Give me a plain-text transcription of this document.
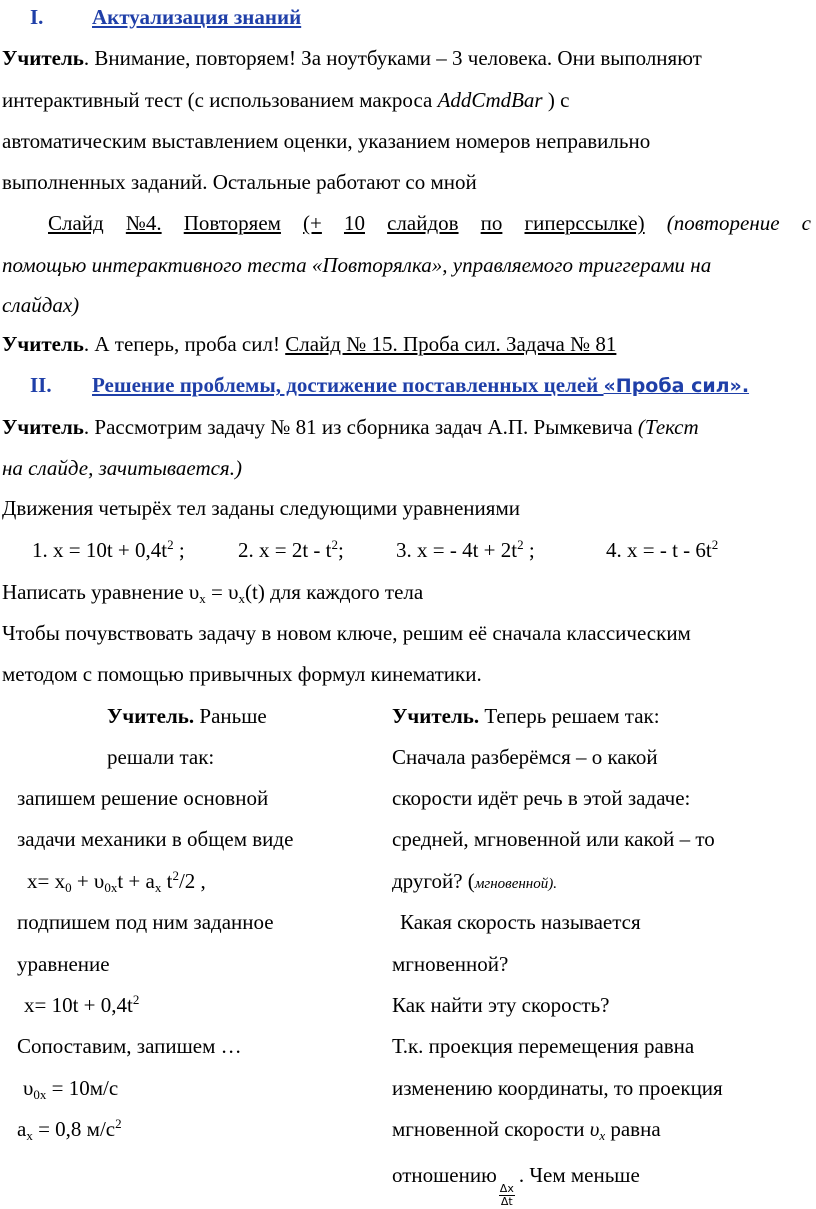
I. Актуализация знаний
Учитель. Внимание, повторяем! За ноутбуками – 3 человека. Они выполняют
интерактивный тест (с использованием макроса AddCmdBar ) с
автоматическим выставлением оценки, указанием номеров неправильно
выполненных заданий. Остальные работают со мной
Слайд №4. Повторяем (+ 10 слайдов по гиперссылке) (повторение с
помощью интерактивного теста «Повторялка», управляемого триггерами на
слайдах)
Учитель. А теперь, проба сил! Слайд № 15. Проба сил. Задача № 81
II. Решение проблемы, достижение поставленных целей «Проба сил».
Учитель. Рассмотрим задачу № 81 из сборника задач А.П. Рымкевича (Текст
на слайде, зачитывается.)
Движения четырёх тел заданы следующими уравнениями
1. $x = 10t + 0,4t^2$ ;	2. $x = 2t - t^2$; 3. x = - $4t + 2t^2$ ;	4. x = - t - $6t^2$
Написать уравнение $\upsilon_x = \upsilon_x(t)$ для каждого тела
Чтобы почувствовать задачу в новом ключе, решим её сначала классическим
методом с помощью привычных формул кинематики.
Учитель. Раньше
решали так:
запишем решение основной
задачи механики в общем виде
$x= x_0 + \upsilon_{0x}t + a_x$ $t^2/2$ ,
подпишем под ним заданное
уравнение
$x= 10t + 0,4t^2$
Сопоставим, запишем …
$\upsilon_{0x} = 10м/с$
$a_x = 0,8$ $м/с^2$
Учитель. Теперь решаем так:
Сначала разберёмся – о какой
скорости идёт речь в этой задаче:
средней, мгновенной или какой – то
другой? (мгновенной).
Какая скорость называется
мгновенной?
Как найти эту скорость?
Т.к. проекция перемещения равна
изменению координаты, то проекция
мгновенной скорости $\upsilon_x$ равна
отношению
$\frac{\Delta x}{\Delta t}$
. Чем меньше
